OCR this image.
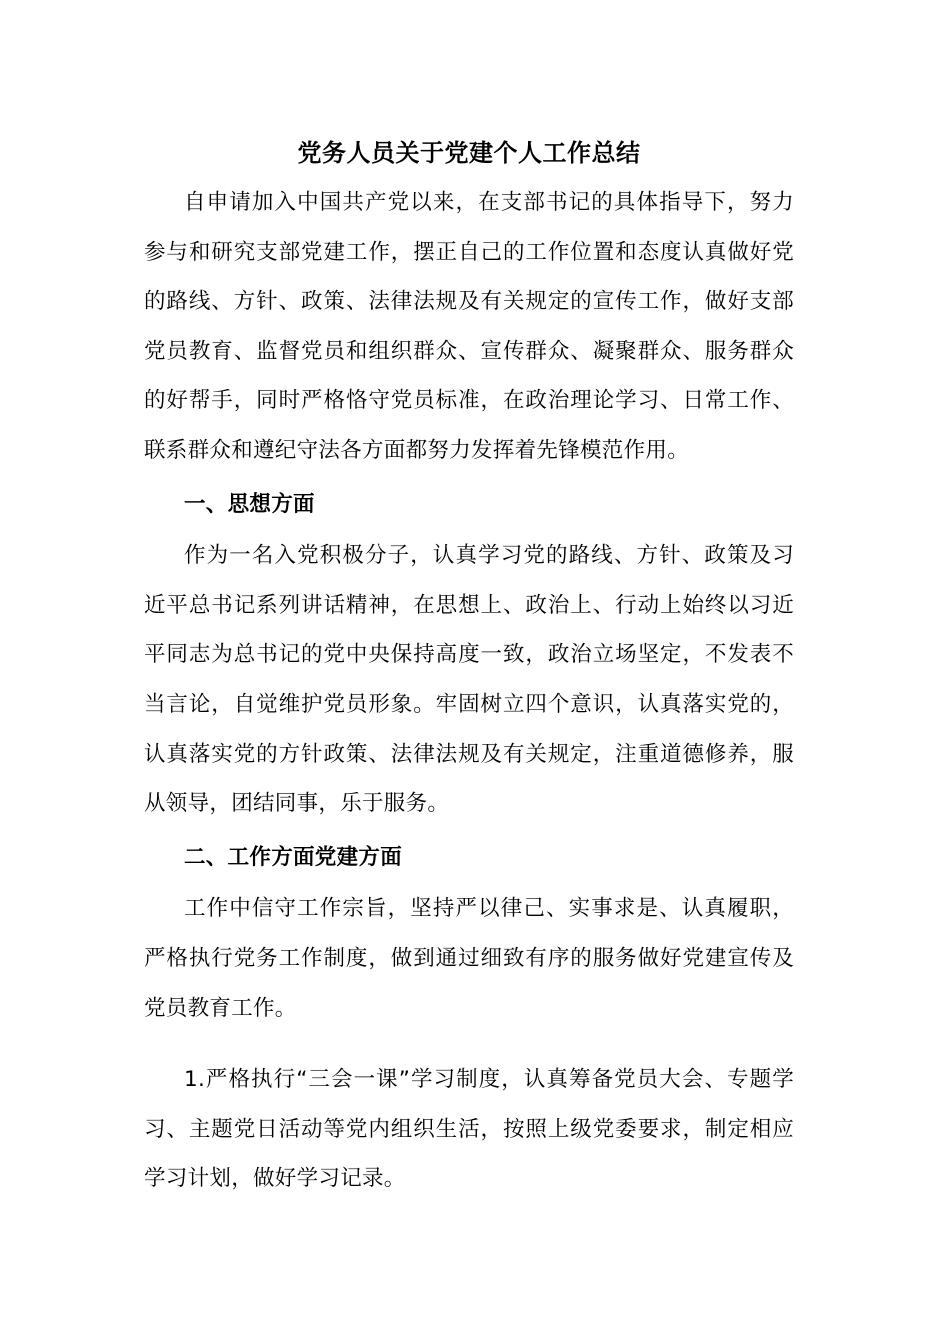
党务人员关于党建个人工作总结

自申请加入中国共产党以来，在支部书记的具体指导下，努力参与和研究支部党建工作，摆正自己的工作位置和态度认真做好党的路线、方针、政策、法律法规及有关规定的宣传工作，做好支部党员教育、监督党员和组织群众、宣传群众、凝聚群众、服务群众的好帮手，同时严格恪守党员标准，在政治理论学习、日常工作、联系群众和遵纪守法各方面都努力发挥着先锋模范作用。

一、思想方面

作为一名入党积极分子，认真学习党的路线、方针、政策及习近平总书记系列讲话精神，在思想上、政治上、行动上始终以习近平同志为总书记的党中央保持高度一致，政治立场坚定，不发表不当言论，自觉维护党员形象。牢固树立四个意识，认真落实党的，认真落实党的方针政策、法律法规及有关规定，注重道德修养，服从领导，团结同事，乐于服务。

二、工作方面党建方面

工作中信守工作宗旨，坚持严以律己、实事求是、认真履职，严格执行党务工作制度，做到通过细致有序的服务做好党建宣传及党员教育工作。

1.严格执行“三会一课”学习制度，认真筹备党员大会、专题学习、主题党日活动等党内组织生活，按照上级党委要求，制定相应学习计划，做好学习记录。
